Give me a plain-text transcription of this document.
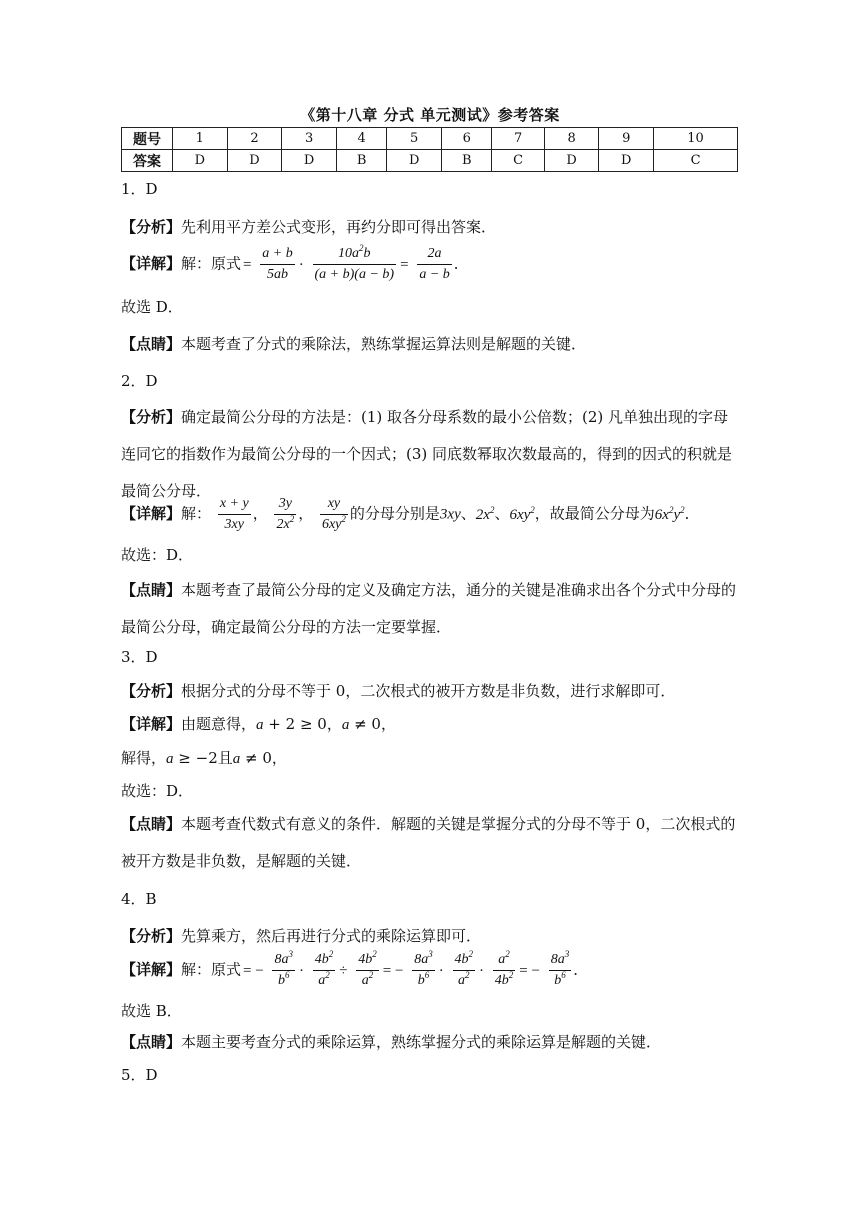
《第十八章 分式 单元测试》参考答案
题号	1	2	3	4	5	6	7	8	9	10
答案	D	D	D	B	D	B	C	D	D	C
1．D
【分析】先利用平方差公式变形，再约分即可得出答案．
【详解】解：原式 = $\frac{a + b}{5ab} \cdot \frac{10a^2b}{(a + b)(a - b)} = \frac{2a}{a - b}$ ．
故选 D．
【点睛】本题考查了分式的乘除法，熟练掌握运算法则是解题的关键．
2．D
【分析】确定最简公分母的方法是：(1) 取各分母系数的最小公倍数；(2) 凡单独出现的字母连同它的指数作为最简公分母的一个因式；(3) 同底数幂取次数最高的，得到的因式的积就是最简公分母．
【详解】解： $\frac{x + y}{3xy}$ ， $\frac{3y}{2x^2}$ ， $\frac{xy}{6xy^2}$ 的分母分别是3xy、$2x^2$、$6xy^2$，故最简公分母为$6x^2y^2$．
故选：D．
【点睛】本题考查了最简公分母的定义及确定方法，通分的关键是准确求出各个分式中分母的最简公分母，确定最简公分母的方法一定要掌握．
3．D
【分析】根据分式的分母不等于 0，二次根式的被开方数是非负数，进行求解即可．
【详解】由题意得，a + 2 ≥ 0，a ≠ 0，
解得，a ≥ −2且a ≠ 0，
故选：D．
【点睛】本题考查代数式有意义的条件．解题的关键是掌握分式的分母不等于 0，二次根式的被开方数是非负数，是解题的关键．
4．B
【分析】先算乘方，然后再进行分式的乘除运算即可．
【详解】解：原式 = − $\frac{8a^3}{b^6} \cdot \frac{4b^2}{a^2} \div \frac{4b^2}{a^2}$ = − $\frac{8a^3}{b^6} \cdot \frac{4b^2}{a^2} \cdot \frac{a^2}{4b^2}$ = − $\frac{8a^3}{b^6}$ ．
故选 B．
【点睛】本题主要考查分式的乘除运算，熟练掌握分式的乘除运算是解题的关键．
5．D
